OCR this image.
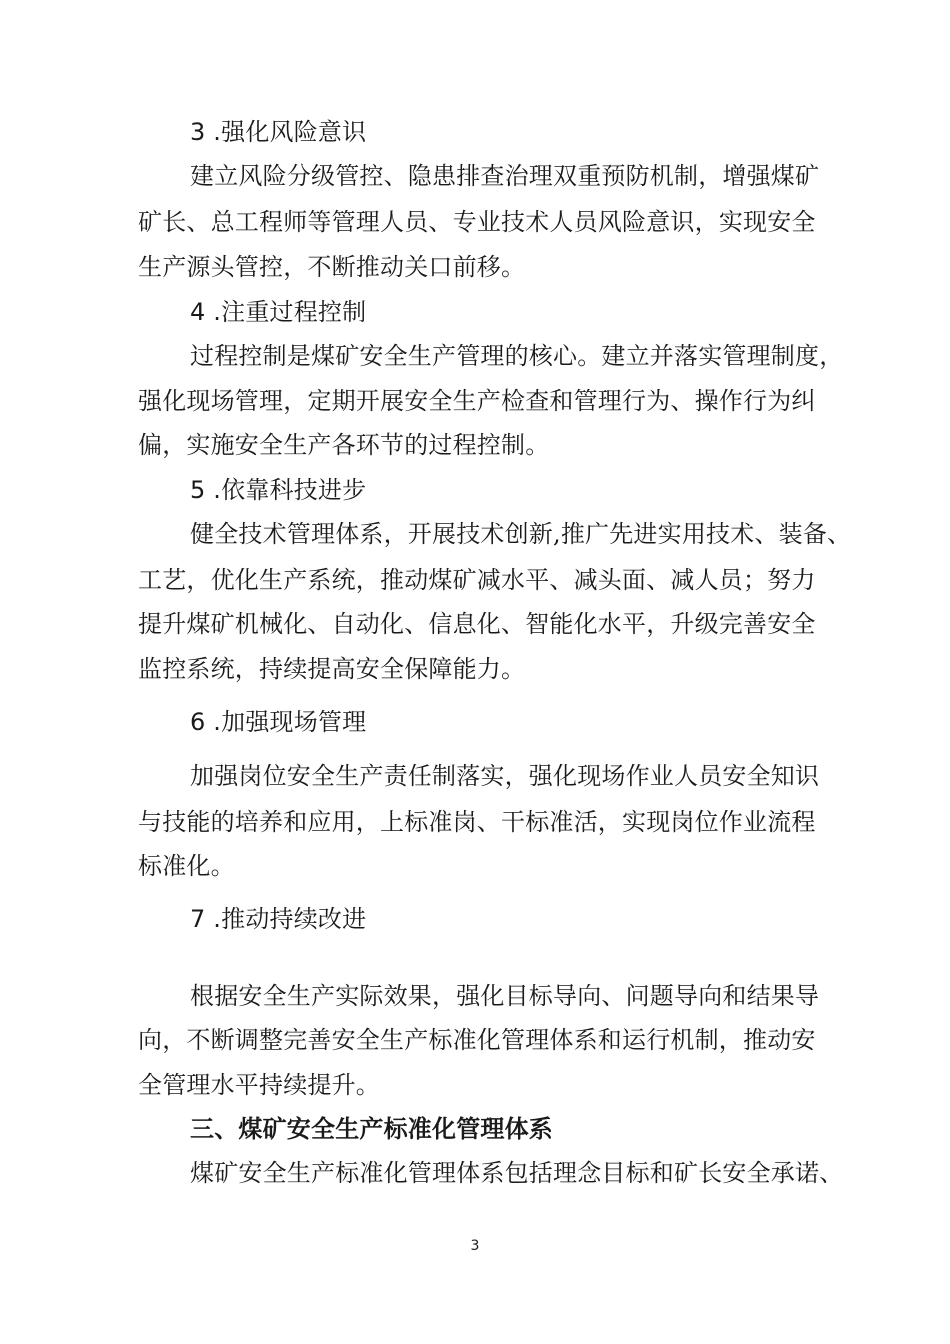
3 .强化风险意识
建立风险分级管控、隐患排查治理双重预防机制，增强煤矿
矿长、总工程师等管理人员、专业技术人员风险意识，实现安全
生产源头管控，不断推动关口前移。
4 .注重过程控制
过程控制是煤矿安全生产管理的核心。建立并落实管理制度，
强化现场管理，定期开展安全生产检查和管理行为、操作行为纠
偏，实施安全生产各环节的过程控制。
5 .依靠科技进步
健全技术管理体系，开展技术创新,推广先进实用技术、装备、
工艺，优化生产系统，推动煤矿减水平、减头面、减人员；努力
提升煤矿机械化、自动化、信息化、智能化水平，升级完善安全
监控系统，持续提高安全保障能力。
6 .加强现场管理
加强岗位安全生产责任制落实，强化现场作业人员安全知识
与技能的培养和应用，上标准岗、干标准活，实现岗位作业流程
标准化。
7 .推动持续改进
根据安全生产实际效果，强化目标导向、问题导向和结果导
向，不断调整完善安全生产标准化管理体系和运行机制，推动安
全管理水平持续提升。
三、煤矿安全生产标准化管理体系
煤矿安全生产标准化管理体系包括理念目标和矿长安全承诺、
3
